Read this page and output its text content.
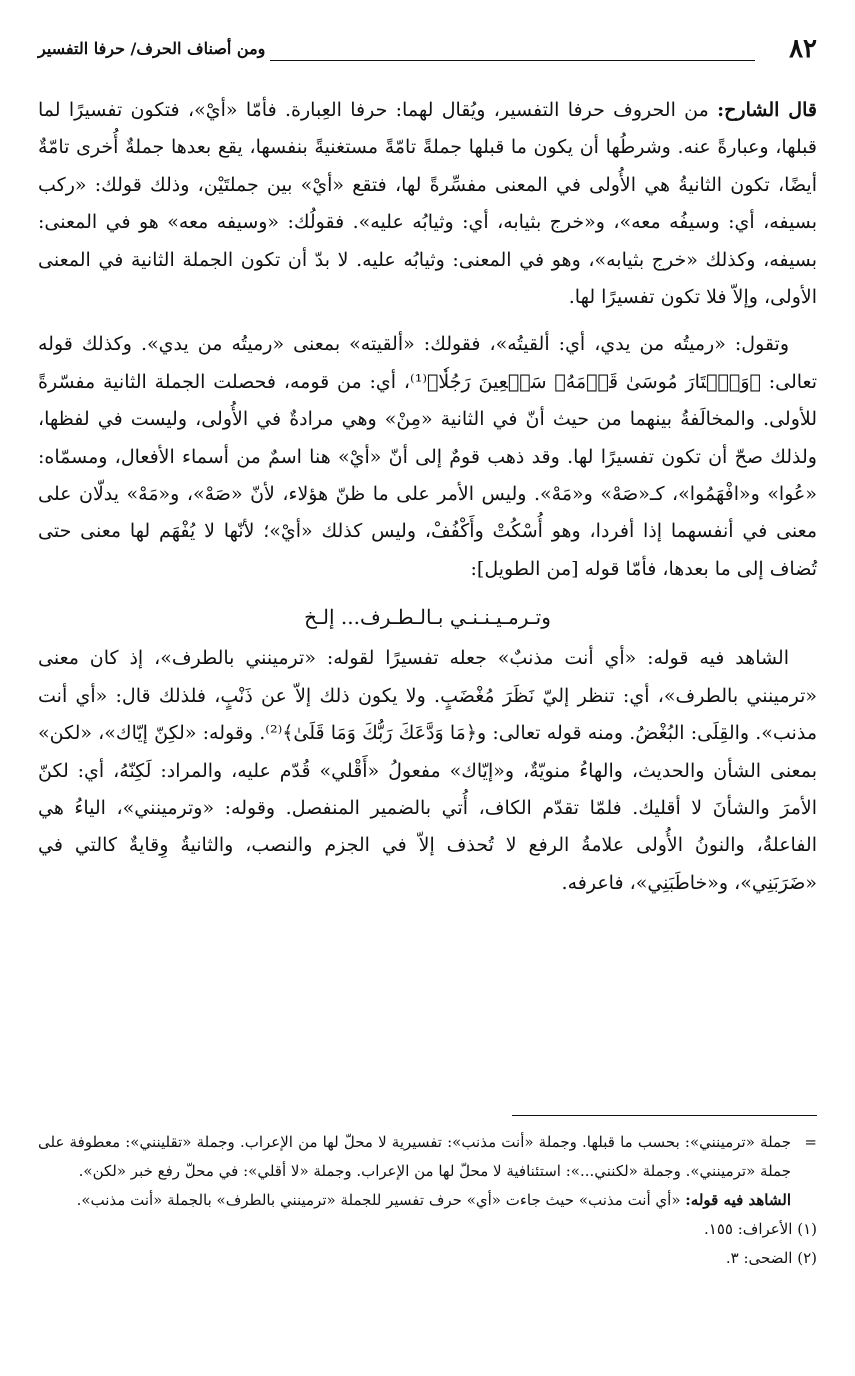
٨٢
ومن أصناف الحرف/ حرفا التفسير

قال الشارح: من الحروف حرفا التفسير، ويُقال لهما: حرفا العِبارة. فأمّا «أيْ»، فتكون تفسيرًا لما قبلها، وعبارةً عنه. وشرطُها أن يكون ما قبلها جملةً تامّةً مستغنيةً بنفسها، يقع بعدها جملةٌ أُخرى تامّةٌ أيضًا، تكون الثانيةُ هي الأُولى في المعنى مفسِّرةً لها، فتقع «أيْ» بين جملتَيْن، وذلك قولك: «ركب بسيفه، أي: وسيفُه معه»، و«خرج بثيابه، أي: وثيابُه عليه». فقولُك: «وسيفه معه» هو في المعنى: بسيفه، وكذلك «خرج بثيابه»، وهو في المعنى: وثيابُه عليه. لا بدّ أن تكون الجملة الثانية في المعنى الأولى، وإلاّ فلا تكون تفسيرًا لها.

وتقول: «رميتُه من يدي، أي: ألقيتُه»، فقولك: «ألقيته» بمعنى «رميتُه من يدي». وكذلك قوله تعالى: ﴿وَٱخۡتَارَ مُوسَىٰ قَوۡمَهُۥ سَبۡعِينَ رَجُلٗا﴾⁽¹⁾، أي: من قومه، فحصلت الجملة الثانية مفسّرةً للأولى. والمخالَفةُ بينهما من حيث أنّ في الثانية «مِنْ» وهي مرادةٌ في الأُولى، وليست في لفظها، ولذلك صحّ أن تكون تفسيرًا لها. وقد ذهب قومٌ إلى أنّ «أيْ» هنا اسمٌ من أسماء الأفعال، ومسمّاه: «عُوا» و«افْهَمُوا»، كـ«صَهْ» و«مَهْ». وليس الأمر على ما ظنّ هؤلاء، لأنّ «صَهْ»، و«مَهْ» يدلّان على معنى في أنفسهما إذا أفردا، وهو أُسْكُتْ وأَكْفُفْ، وليس كذلك «أيْ»؛ لأنّها لا يُفْهَم لها معنى حتى تُضاف إلى ما بعدها، فأمّا قوله [من الطويل]:

وتـرمـيـنـنـي بـالـطـرف... إلـخ

الشاهد فيه قوله: «أي أنت مذنبٌ» جعله تفسيرًا لقوله: «ترمينني بالطرف»، إذ كان معنى «ترمينني بالطرف»، أي: تنظر إليّ نَظَرَ مُغْضَبٍ. ولا يكون ذلك إلاّ عن ذَنْبٍ، فلذلك قال: «أي أنت مذنب». والقِلَى: البُغْضُ. ومنه قوله تعالى: و﴿مَا وَدَّعَكَ رَبُّكَ وَمَا قَلَىٰ﴾⁽²⁾. وقوله: «لكِنّ إيّاك»، «لكن» بمعنى الشأن والحديث، والهاءُ منويّةٌ، و«إيّاك» مفعولُ «أَقْلي» قُدّم عليه، والمراد: لَكِنّهُ، أي: لكنّ الأمرَ والشأنَ لا أقليك. فلمّا تقدّم الكاف، أُتي بالضمير المنفصل. وقوله: «وترمينني»، الياءُ هي الفاعلةُ، والنونُ الأُولى علامةُ الرفع لا تُحذف إلاّ في الجزم والنصب، والثانيةُ وِقايةٌ كالتي في «ضَرَبَنِي»، و«خاطَبَنِي»، فاعرفه.

=
جملة «ترمينني»: بحسب ما قبلها. وجملة «أنت مذنب»: تفسيرية لا محلّ لها من الإعراب. وجملة «تقلينني»: معطوفة على جملة «ترمينني». وجملة «لكنني...»: استئنافية لا محلّ لها من الإعراب. وجملة «لا أقلي»: في محلّ رفع خبر «لكن».
الشاهد فيه قوله: «أي أنت مذنب» حيث جاءت «أي» حرف تفسير للجملة «ترمينني بالطرف» بالجملة «أنت مذنب».
(١) الأعراف: ١٥٥.
(٢) الضحى: ٣.
